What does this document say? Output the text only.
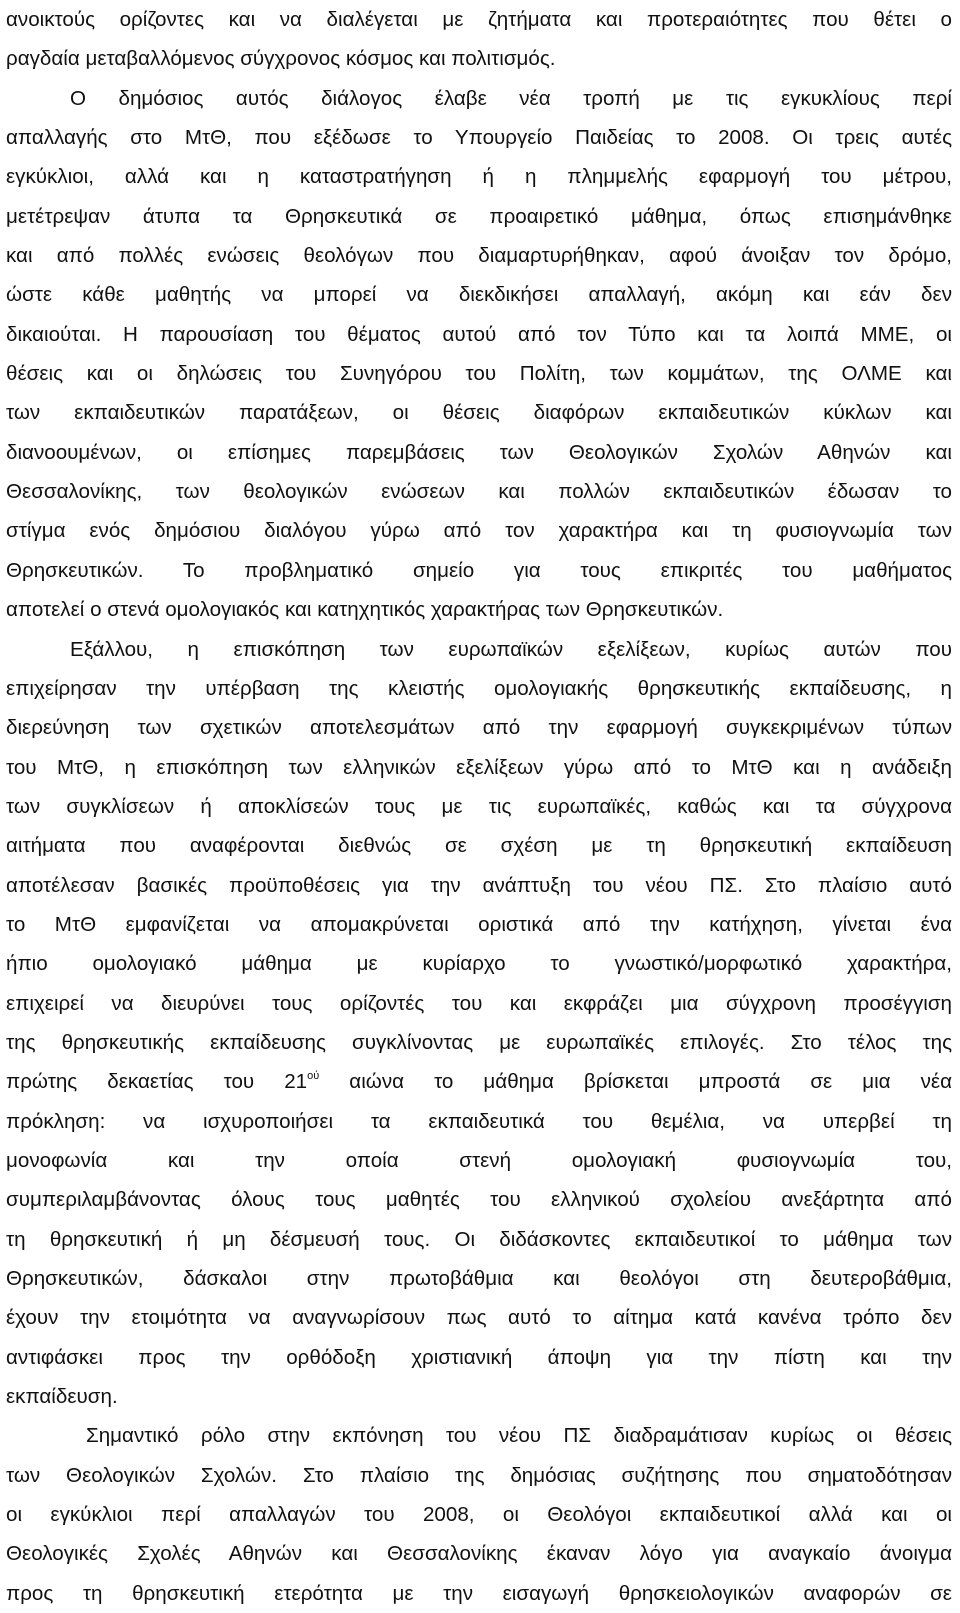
ανοικτούς ορίζοντες και να διαλέγεται με ζητήματα και προτεραιότητες που θέτει ο
ραγδαία μεταβαλλόμενος σύγχρονος κόσμος και πολιτισμός.
Ο δημόσιος αυτός διάλογος έλαβε νέα τροπή με τις εγκυκλίους περί
απαλλαγής στο ΜτΘ, που εξέδωσε το Υπουργείο Παιδείας το 2008. Οι τρεις αυτές
εγκύκλιοι, αλλά και η καταστρατήγηση ή η πλημμελής εφαρμογή του μέτρου,
μετέτρεψαν άτυπα τα Θρησκευτικά σε προαιρετικό μάθημα, όπως επισημάνθηκε
και από πολλές ενώσεις θεολόγων που διαμαρτυρήθηκαν, αφού άνοιξαν τον δρόμο,
ώστε κάθε μαθητής να μπορεί να διεκδικήσει απαλλαγή, ακόμη και εάν δεν
δικαιούται. Η παρουσίαση του θέματος αυτού από τον Τύπο και τα λοιπά ΜΜΕ, οι
θέσεις και οι δηλώσεις του Συνηγόρου του Πολίτη, των κομμάτων, της ΟΛΜΕ και
των εκπαιδευτικών παρατάξεων, οι θέσεις διαφόρων εκπαιδευτικών κύκλων και
διανοουμένων, οι επίσημες παρεμβάσεις των Θεολογικών Σχολών Αθηνών και
Θεσσαλονίκης, των θεολογικών ενώσεων και πολλών εκπαιδευτικών έδωσαν το
στίγμα ενός δημόσιου διαλόγου γύρω από τον χαρακτήρα και τη φυσιογνωμία των
Θρησκευτικών. Το προβληματικό σημείο για τους επικριτές του μαθήματος
αποτελεί ο στενά ομολογιακός και κατηχητικός χαρακτήρας των Θρησκευτικών.
Εξάλλου, η επισκόπηση των ευρωπαϊκών εξελίξεων, κυρίως αυτών που
επιχείρησαν την υπέρβαση της κλειστής ομολογιακής θρησκευτικής εκπαίδευσης, η
διερεύνηση των σχετικών αποτελεσμάτων από την εφαρμογή συγκεκριμένων τύπων
του ΜτΘ, η επισκόπηση των ελληνικών εξελίξεων γύρω από το ΜτΘ και η ανάδειξη
των συγκλίσεων ή αποκλίσεών τους με τις ευρωπαϊκές, καθώς και τα σύγχρονα
αιτήματα που αναφέρονται διεθνώς σε σχέση με τη θρησκευτική εκπαίδευση
αποτέλεσαν βασικές προϋποθέσεις για την ανάπτυξη του νέου ΠΣ. Στο πλαίσιο αυτό
το ΜτΘ εμφανίζεται να απομακρύνεται οριστικά από την κατήχηση, γίνεται ένα
ήπιο ομολογιακό μάθημα με κυρίαρχο το γνωστικό/μορφωτικό χαρακτήρα,
επιχειρεί να διευρύνει τους ορίζοντές του και εκφράζει μια σύγχρονη προσέγγιση
της θρησκευτικής εκπαίδευσης συγκλίνοντας με ευρωπαϊκές επιλογές. Στο τέλος της
πρώτης δεκαετίας του $21^{oύ}$ αιώνα το μάθημα βρίσκεται μπροστά σε μια νέα
πρόκληση: να ισχυροποιήσει τα εκπαιδευτικά του θεμέλια, να υπερβεί τη
μονοφωνία και την οποία στενή ομολογιακή φυσιογνωμία του,
συμπεριλαμβάνοντας όλους τους μαθητές του ελληνικού σχολείου ανεξάρτητα από
τη θρησκευτική ή μη δέσμευσή τους. Οι διδάσκοντες εκπαιδευτικοί το μάθημα των
Θρησκευτικών, δάσκαλοι στην πρωτοβάθμια και θεολόγοι στη δευτεροβάθμια,
έχουν την ετοιμότητα να αναγνωρίσουν πως αυτό το αίτημα κατά κανένα τρόπο δεν
αντιφάσκει προς την ορθόδοξη χριστιανική άποψη για την πίστη και την
εκπαίδευση.
Σημαντικό ρόλο στην εκπόνηση του νέου ΠΣ διαδραμάτισαν κυρίως οι θέσεις
των Θεολογικών Σχολών. Στο πλαίσιο της δημόσιας συζήτησης που σηματοδότησαν
οι εγκύκλιοι περί απαλλαγών του 2008, οι Θεολόγοι εκπαιδευτικοί αλλά και οι
Θεολογικές Σχολές Αθηνών και Θεσσαλονίκης έκαναν λόγο για αναγκαίο άνοιγμα
προς τη θρησκευτική ετερότητα με την εισαγωγή θρησκειολογικών αναφορών σε
